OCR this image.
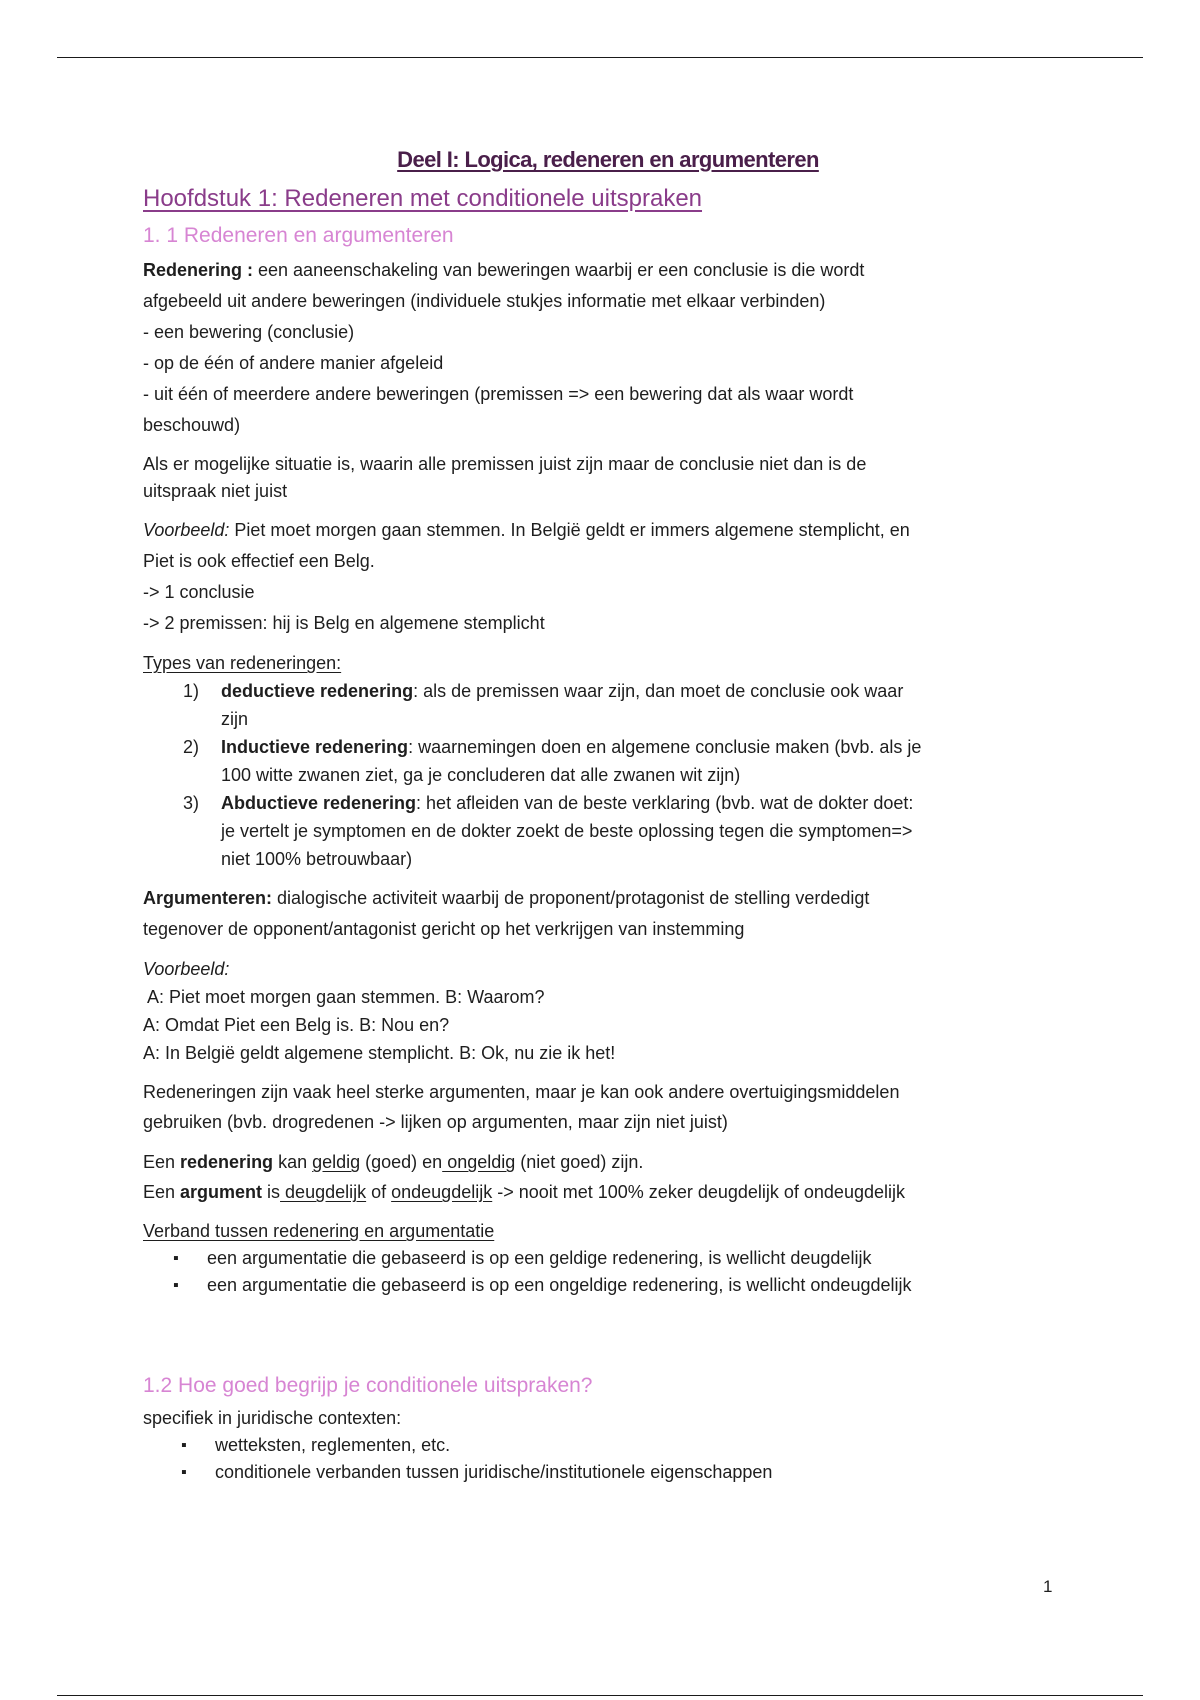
Deel I: Logica, redeneren en argumenteren
Hoofdstuk 1: Redeneren met conditionele uitspraken
1. 1 Redeneren en argumenteren

Redenering : een aaneenschakeling van beweringen waarbij er een conclusie is die wordt

afgebeeld uit andere beweringen (individuele stukjes informatie met elkaar verbinden)

- een bewering (conclusie)

- op de één of andere manier afgeleid

- uit één of meerdere andere beweringen (premissen => een bewering dat als waar wordt

beschouwd)

Als er mogelijke situatie is, waarin alle premissen juist zijn maar de conclusie niet dan is de

uitspraak niet juist

Voorbeeld: Piet moet morgen gaan stemmen. In België geldt er immers algemene stemplicht, en

Piet is ook effectief een Belg.

-> 1 conclusie

-> 2 premissen: hij is Belg en algemene stemplicht

Types van redeneringen:

1) deductieve redenering: als de premissen waar zijn, dan moet de conclusie ook waar
zijn
2) Inductieve redenering: waarnemingen doen en algemene conclusie maken (bvb. als je
100 witte zwanen ziet, ga je concluderen dat alle zwanen wit zijn)
3) Abductieve redenering: het afleiden van de beste verklaring (bvb. wat de dokter doet:
je vertelt je symptomen en de dokter zoekt de beste oplossing tegen die symptomen=>
niet 100% betrouwbaar)

Argumenteren: dialogische activiteit waarbij de proponent/protagonist de stelling verdedigt

tegenover de opponent/antagonist gericht op het verkrijgen van instemming

Voorbeeld:

A: Piet moet morgen gaan stemmen. B: Waarom?

A: Omdat Piet een Belg is. B: Nou en?

A: In België geldt algemene stemplicht. B: Ok, nu zie ik het!

Redeneringen zijn vaak heel sterke argumenten, maar je kan ook andere overtuigingsmiddelen

gebruiken (bvb. drogredenen -> lijken op argumenten, maar zijn niet juist)

Een redenering kan geldig (goed) en ongeldig (niet goed) zijn.

Een argument is deugdelijk of ondeugdelijk -> nooit met 100% zeker deugdelijk of ondeugdelijk

Verband tussen redenering en argumentatie

▪ een argumentatie die gebaseerd is op een geldige redenering, is wellicht deugdelijk
▪ een argumentatie die gebaseerd is op een ongeldige redenering, is wellicht ondeugdelijk
1.2 Hoe goed begrijp je conditionele uitspraken?

specifiek in juridische contexten:

▪ wetteksten, reglementen, etc.
▪ conditionele verbanden tussen juridische/institutionele eigenschappen
1
